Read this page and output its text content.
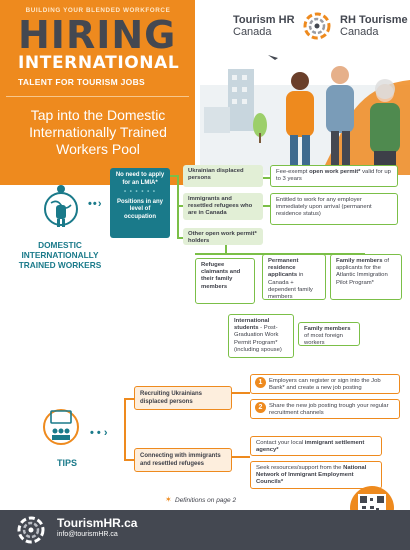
BUILDING YOUR BLENDED WORKFORCE
HIRING
INTERNATIONAL
TALENT FOR TOURISM JOBS
Tap into the Domestic Internationally Trained Workers Pool
Tourism HR
Canada
RH Tourisme
Canada
DOMESTIC INTERNATIONALLY TRAINED WORKERS
• • ›
No need to apply for an LMIA*
• • • • • •
Positions in any level of occupation
Ukrainian displaced persons
Fee-exempt open work permit* valid for up to 3 years
Immigrants and resettled refugees who are in Canada
Entitled to work for any employer immediately upon arrival (permanent residence status)
Other open work permit* holders
Refugee claimants and their family members
Permanent residence applicants in Canada + dependent family members
Family members of applicants for the Atlantic Immigration Pilot Program*
International students - Post-Graduation Work Permit Program* (including spouse)
Family members of most foreign workers
TIPS
• • ›
Recruiting Ukrainians displaced persons
1	Employers can register or sign into the Job Bank* and create a new job posting
2	Share the new job posting trough your regular recruitment channels
Connecting with immigrants and resettled refugees
Contact your local immigrant settlement agency*
Seek resources/support from the National Network of Immigrant Employment Councils*
✶ Definitions on page 2
TourismHR.ca
info@tourismHR.ca
